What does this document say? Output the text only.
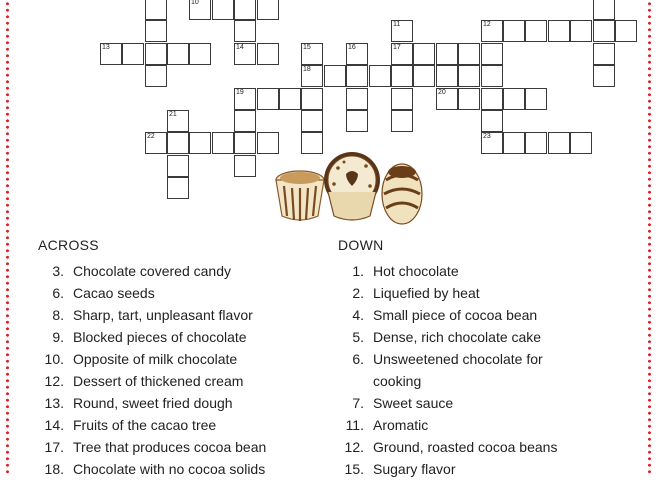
10
11	12
13	14	15	16	17
18
19	20
21
22	23
ACROSS
3. Chocolate covered candy
6. Cacao seeds
8. Sharp, tart, unpleasant flavor
9. Blocked pieces of chocolate
10. Opposite of milk chocolate
12. Dessert of thickened cream
13. Round, sweet fried dough
14. Fruits of the cacao tree
17. Tree that produces cocoa bean
18. Chocolate with no cocoa solids
DOWN
1. Hot chocolate
2. Liquefied by heat
4. Small piece of cocoa bean
5. Dense, rich chocolate cake
6. Unsweetened chocolate for cooking
7. Sweet sauce
11. Aromatic
12. Ground, roasted cocoa beans
15. Sugary flavor
